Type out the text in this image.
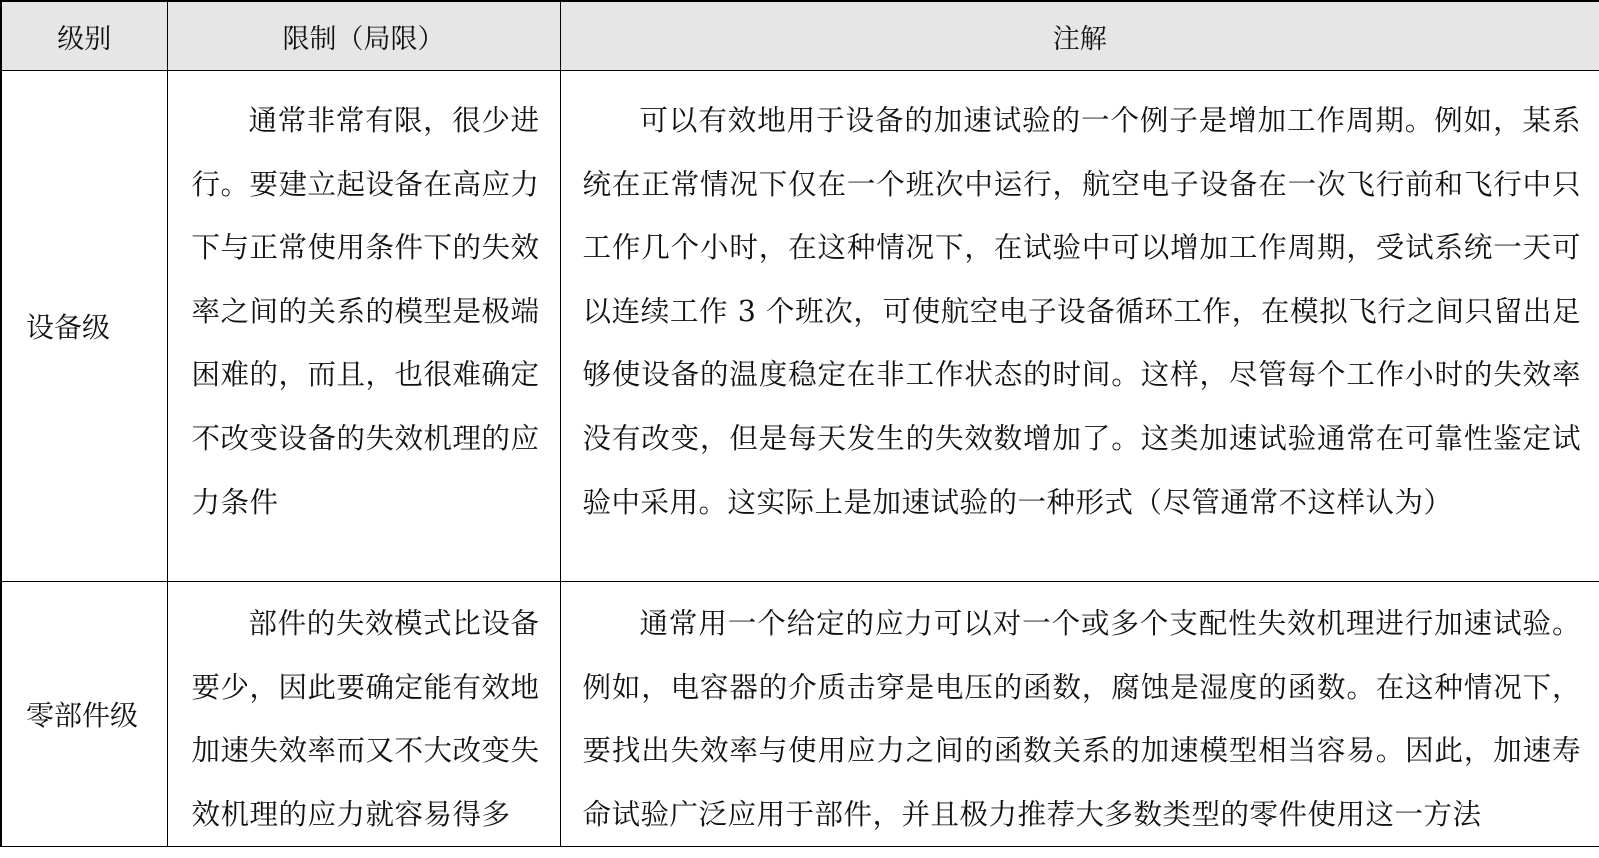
级别	限制（局限）	注解
设备级	通常非常有限，很少进行。要建立起设备在高应力下与正常使用条件下的失效率之间的关系的模型是极端困难的，而且，也很难确定不改变设备的失效机理的应力条件	可以有效地用于设备的加速试验的一个例子是增加工作周期。例如，某系统在正常情况下仅在一个班次中运行，航空电子设备在一次飞行前和飞行中只工作几个小时，在这种情况下，在试验中可以增加工作周期，受试系统一天可以连续工作 3 个班次，可使航空电子设备循环工作，在模拟飞行之间只留出足够使设备的温度稳定在非工作状态的时间。这样，尽管每个工作小时的失效率没有改变，但是每天发生的失效数增加了。这类加速试验通常在可靠性鉴定试验中采用。这实际上是加速试验的一种形式（尽管通常不这样认为）

零部件级	部件的失效模式比设备要少，因此要确定能有效地加速失效率而又不大改变失效机理的应力就容易得多	通常用一个给定的应力可以对一个或多个支配性失效机理进行加速试验。例如，电容器的介质击穿是电压的函数，腐蚀是湿度的函数。在这种情况下，要找出失效率与使用应力之间的函数关系的加速模型相当容易。因此，加速寿命试验广泛应用于部件，并且极力推荐大多数类型的零件使用这一方法
